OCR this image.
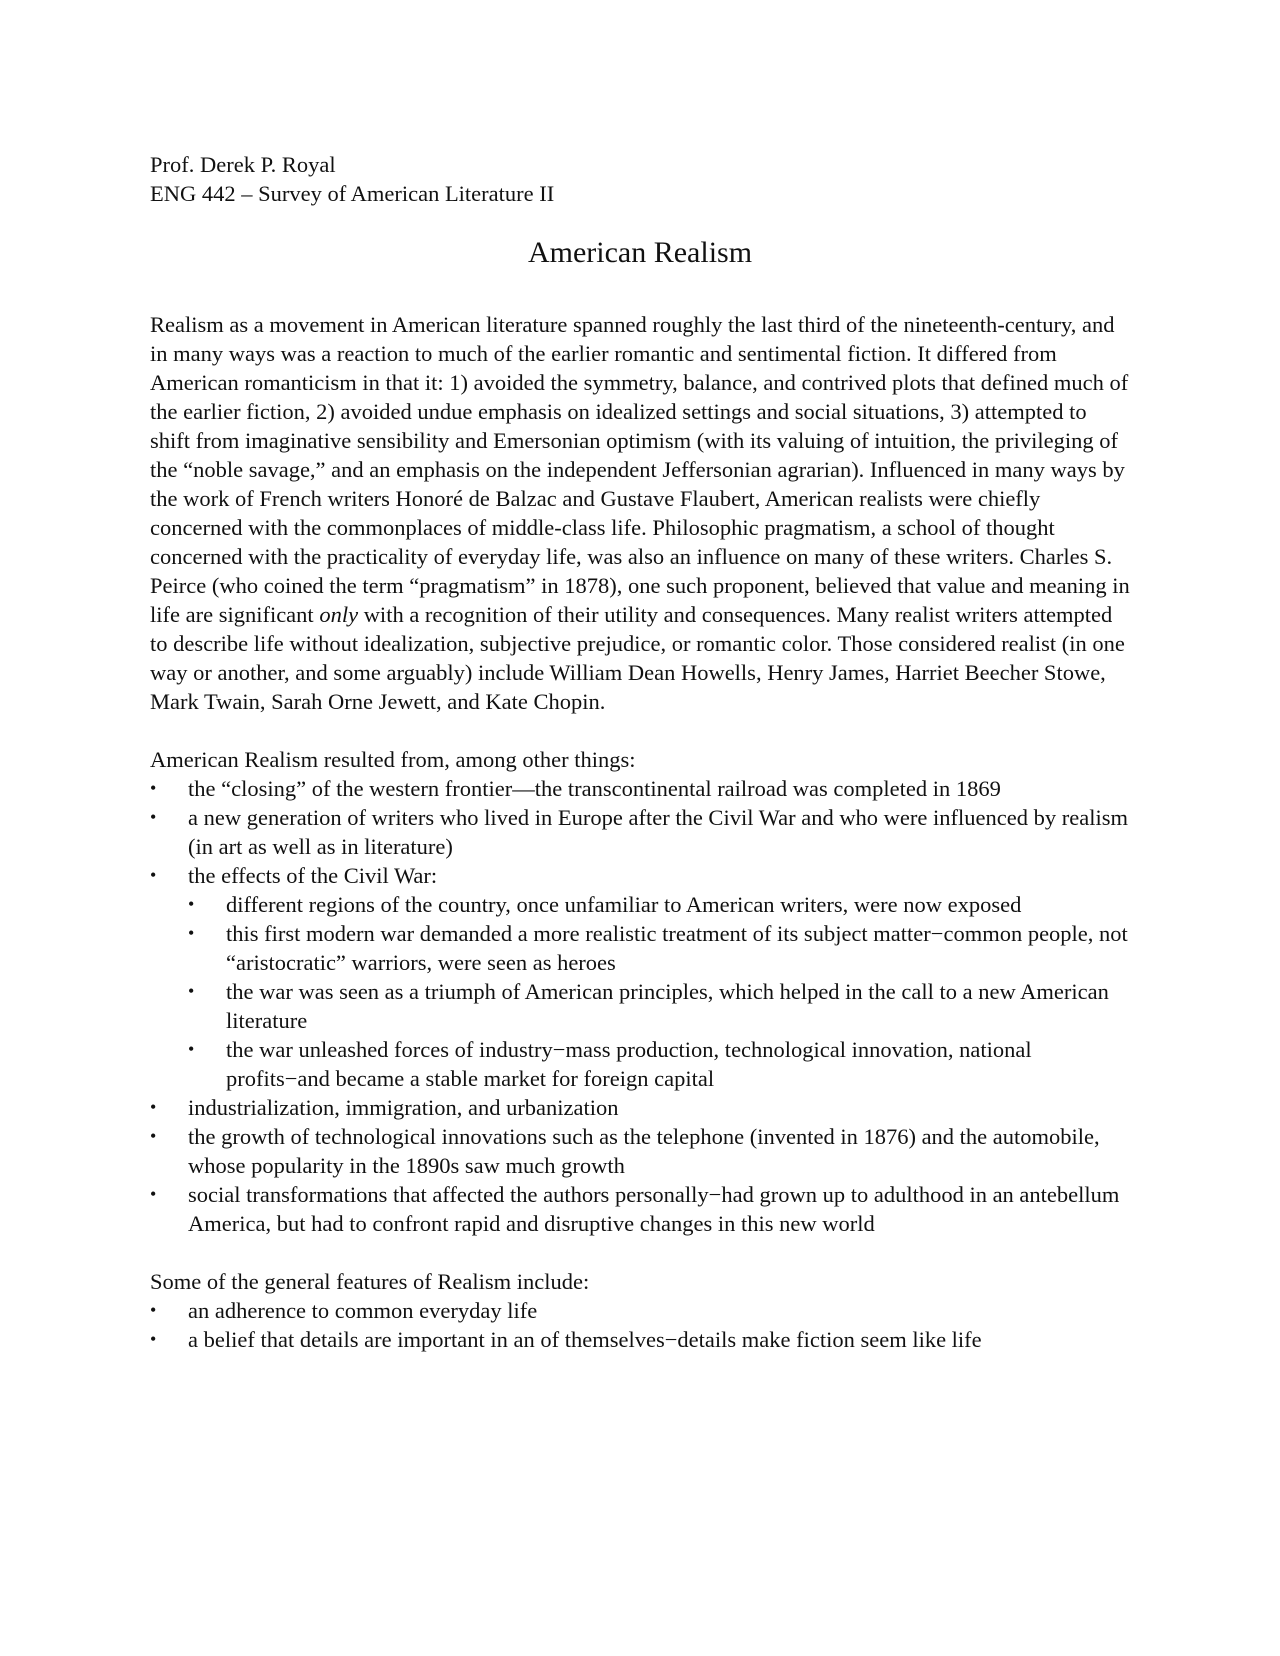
Prof. Derek P. Royal
ENG 442 – Survey of American Literature II
American Realism

Realism as a movement in American literature spanned roughly the last third of the nineteenth-century, and in many ways was a reaction to much of the earlier romantic and sentimental fiction. It differed from American romanticism in that it: 1) avoided the symmetry, balance, and contrived plots that defined much of the earlier fiction, 2) avoided undue emphasis on idealized settings and social situations, 3) attempted to shift from imaginative sensibility and Emersonian optimism (with its valuing of intuition, the privileging of the “noble savage,” and an emphasis on the independent Jeffersonian agrarian). Influenced in many ways by the work of French writers Honoré de Balzac and Gustave Flaubert, American realists were chiefly concerned with the commonplaces of middle-class life. Philosophic pragmatism, a school of thought concerned with the practicality of everyday life, was also an influence on many of these writers. Charles S. Peirce (who coined the term “pragmatism” in 1878), one such proponent, believed that value and meaning in life are significant only with a recognition of their utility and consequences. Many realist writers attempted to describe life without idealization, subjective prejudice, or romantic color. Those considered realist (in one way or another, and some arguably) include William Dean Howells, Henry James, Harriet Beecher Stowe, Mark Twain, Sarah Orne Jewett, and Kate Chopin.

American Realism resulted from, among other things:

•	the “closing” of the western frontier—the transcontinental railroad was completed in 1869
•	a new generation of writers who lived in Europe after the Civil War and who were influenced by realism (in art as well as in literature)
•	the effects of the Civil War:
•	different regions of the country, once unfamiliar to American writers, were now exposed
•	this first modern war demanded a more realistic treatment of its subject matter−common people, not “aristocratic” warriors, were seen as heroes
•	the war was seen as a triumph of American principles, which helped in the call to a new American literature
•	the war unleashed forces of industry−mass production, technological innovation, national profits−and became a stable market for foreign capital
•	industrialization, immigration, and urbanization
•	the growth of technological innovations such as the telephone (invented in 1876) and the automobile, whose popularity in the 1890s saw much growth
•	social transformations that affected the authors personally−had grown up to adulthood in an antebellum America, but had to confront rapid and disruptive changes in this new world

Some of the general features of Realism include:

•	an adherence to common everyday life
•	a belief that details are important in an of themselves−details make fiction seem like life
